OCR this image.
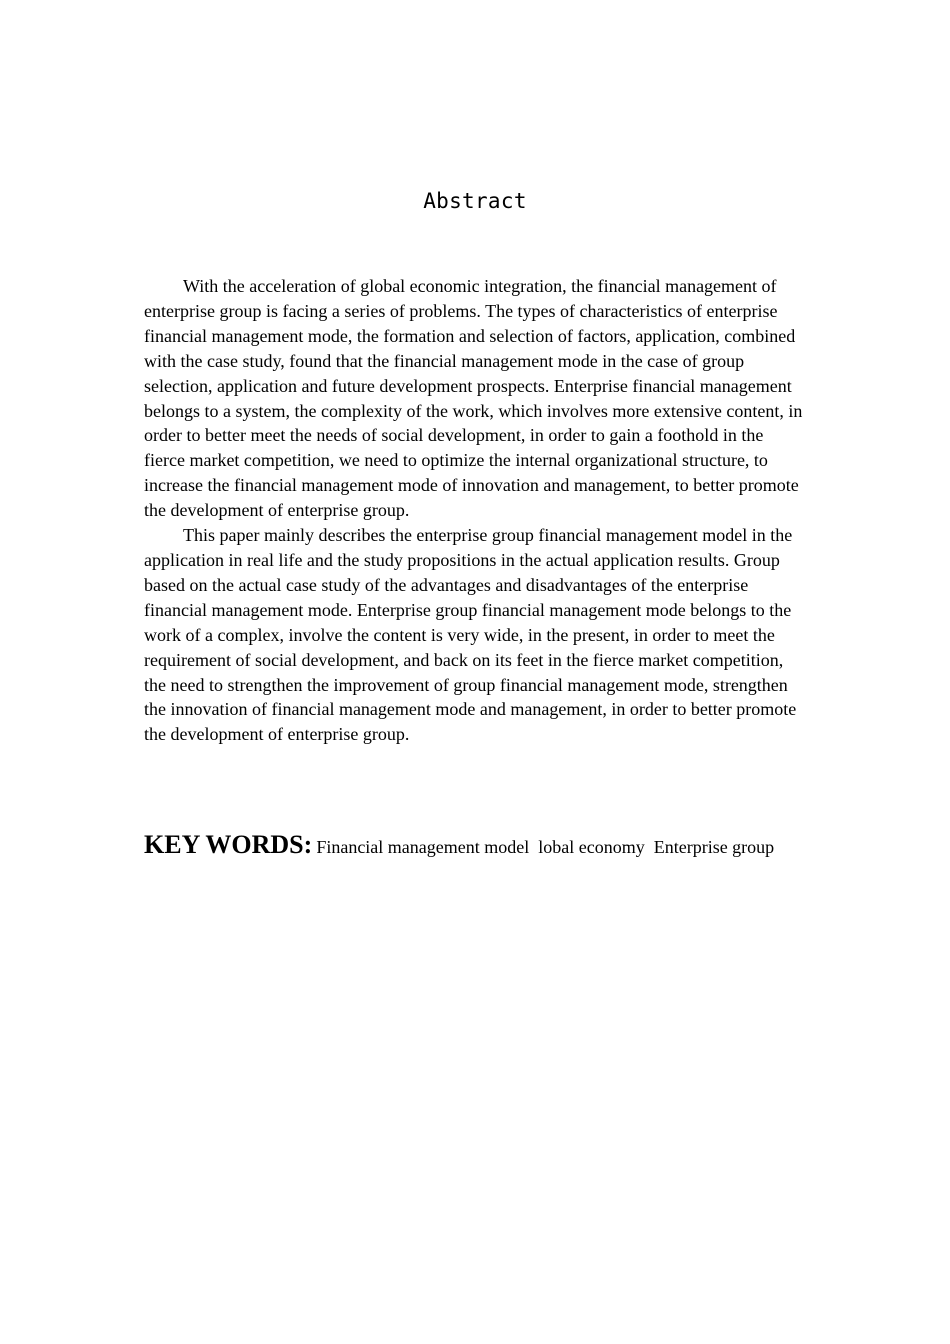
Abstract

With the acceleration of global economic integration, the financial management of enterprise group is facing a series of problems. The types of characteristics of enterprise financial management mode, the formation and selection of factors, application, combined with the case study, found that the financial management mode in the case of group selection, application and future development prospects. Enterprise financial management belongs to a system, the complexity of the work, which involves more extensive content, in order to better meet the needs of social development, in order to gain a foothold in the fierce market competition, we need to optimize the internal organizational structure, to increase the financial management mode of innovation and management, to better promote the development of enterprise group.

This paper mainly describes the enterprise group financial management model in the application in real life and the study propositions in the actual application results. Group based on the actual case study of the advantages and disadvantages of the enterprise financial management mode. Enterprise group financial management mode belongs to the work of a complex, involve the content is very wide, in the present, in order to meet the requirement of social development, and back on its feet in the fierce market competition, the need to strengthen the improvement of group financial management mode, strengthen the innovation of financial management mode and management, in order to better promote the development of enterprise group.

KEY WORDS: Financial management model  lobal economy  Enterprise group
